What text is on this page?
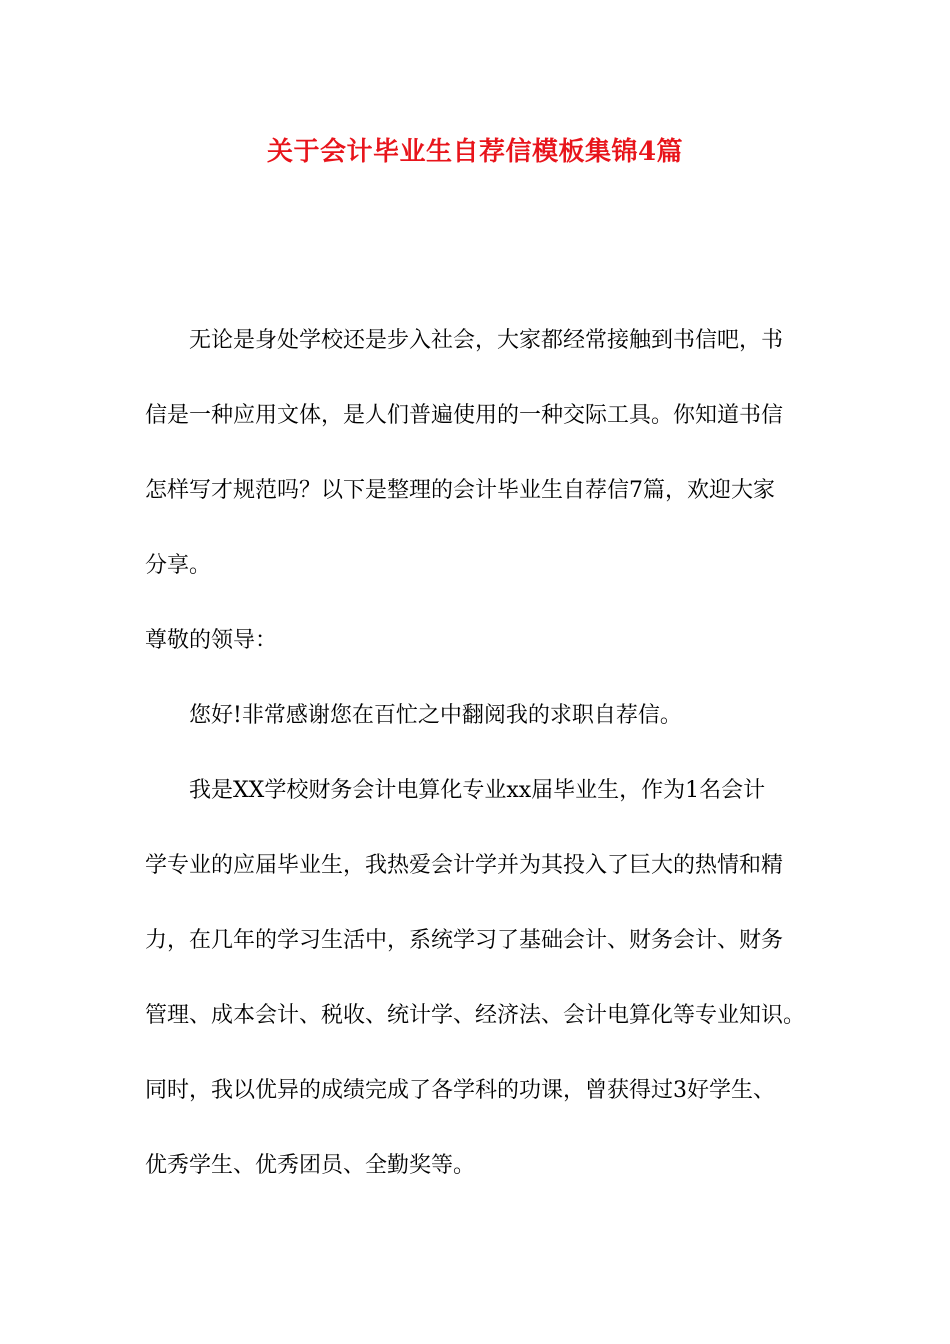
关于会计毕业生自荐信模板集锦4篇
无论是身处学校还是步入社会，大家都经常接触到书信吧，书
信是一种应用文体，是人们普遍使用的一种交际工具。你知道书信
怎样写才规范吗？以下是整理的会计毕业生自荐信7篇，欢迎大家
分享。
尊敬的领导：
您好!非常感谢您在百忙之中翻阅我的求职自荐信。
我是XX学校财务会计电算化专业xx届毕业生，作为1名会计
学专业的应届毕业生，我热爱会计学并为其投入了巨大的热情和精
力，在几年的学习生活中，系统学习了基础会计、财务会计、财务
管理、成本会计、税收、统计学、经济法、会计电算化等专业知识。
同时，我以优异的成绩完成了各学科的功课，曾获得过3好学生、
优秀学生、优秀团员、全勤奖等。
